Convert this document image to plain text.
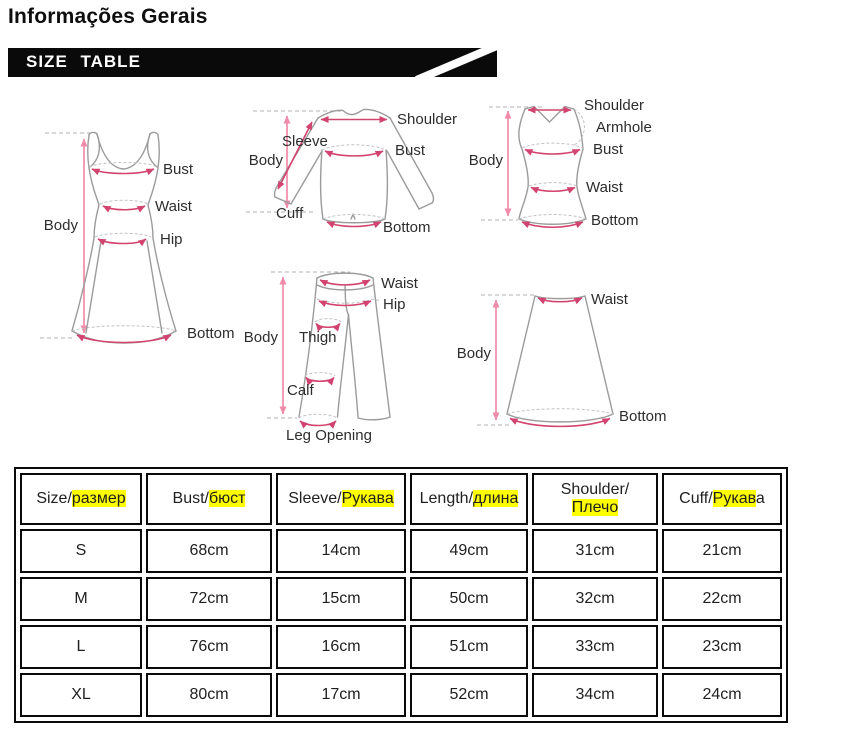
Informações Gerais
SIZE TABLE
Bust
Waist
Hip
Bottom
Body
Shoulder
Sleeve
Body
Bust
Cuff
Bottom
Shoulder
Armhole
Body
Bust
Waist
Bottom
Waist
Hip
Body Thigh
Calf
Leg Opening
Waist
Body
Bottom
Size/размер	Bust/бюст	Sleeve/Рукава	Length/длина	Shoulder/Плечо	Cuff/Рукава
S	68cm	14cm	49cm	31cm	21cm
M	72cm	15cm	50cm	32cm	22cm
L	76cm	16cm	51cm	33cm	23cm
XL	80cm	17cm	52cm	34cm	24cm
